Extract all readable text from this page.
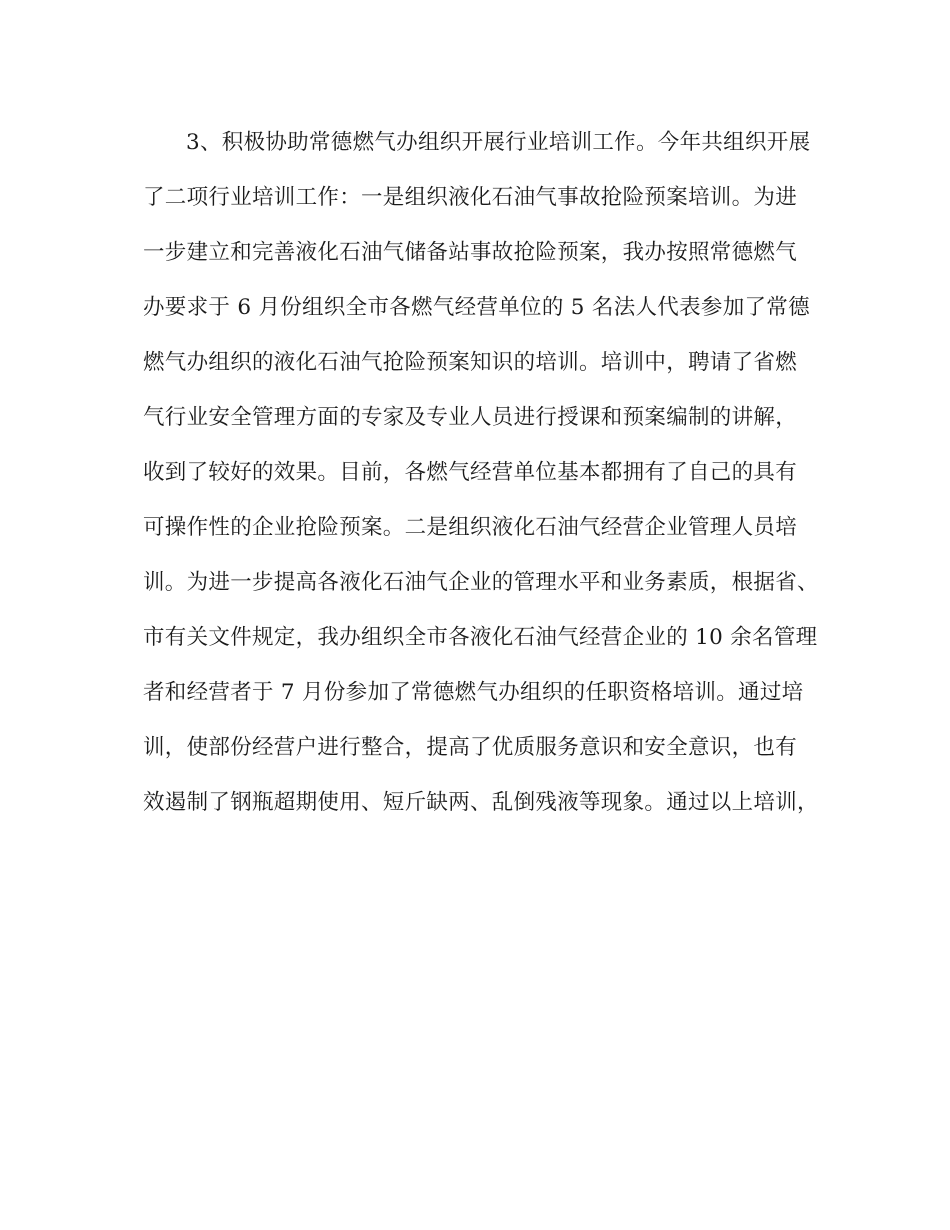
3、积极协助常德燃气办组织开展行业培训工作。今年共组织开展
了二项行业培训工作：一是组织液化石油气事故抢险预案培训。为进
一步建立和完善液化石油气储备站事故抢险预案，我办按照常德燃气
办要求于 6 月份组织全市各燃气经营单位的 5 名法人代表参加了常德
燃气办组织的液化石油气抢险预案知识的培训。培训中，聘请了省燃
气行业安全管理方面的专家及专业人员进行授课和预案编制的讲解，
收到了较好的效果。目前，各燃气经营单位基本都拥有了自己的具有
可操作性的企业抢险预案。二是组织液化石油气经营企业管理人员培
训。为进一步提高各液化石油气企业的管理水平和业务素质，根据省、
市有关文件规定，我办组织全市各液化石油气经营企业的 10 余名管理
者和经营者于 7 月份参加了常德燃气办组织的任职资格培训。通过培
训，使部份经营户进行整合，提高了优质服务意识和安全意识，也有
效遏制了钢瓶超期使用、短斤缺两、乱倒残液等现象。通过以上培训，
